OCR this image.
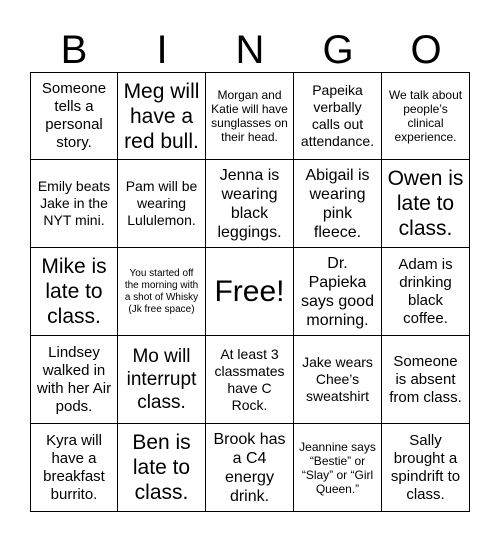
B	I	N	G	O
Someone tells a personal story.
Meg will have a red bull.
Morgan and Katie will have sunglasses on their head.
Papeika verbally calls out attendance.
We talk about people’s clinical experience.
Emily beats Jake in the NYT mini.
Pam will be wearing Lululemon.
Jenna is wearing black leggings.
Abigail is wearing pink fleece.
Owen is late to class.
Mike is late to class.
You started off the morning with a shot of Whisky (Jk free space)
Free!
Dr. Papieka says good morning.
Adam is drinking black coffee.
Lindsey walked in with her Air pods.
Mo will interrupt class.
At least 3 classmates have C Rock.
Jake wears Chee’s sweatshirt
Someone is absent from class.
Kyra will have a breakfast burrito.
Ben is late to class.
Brook has a C4 energy drink.
Jeannine says “Bestie” or “Slay” or “Girl Queen.”
Sally brought a spindrift to class.
